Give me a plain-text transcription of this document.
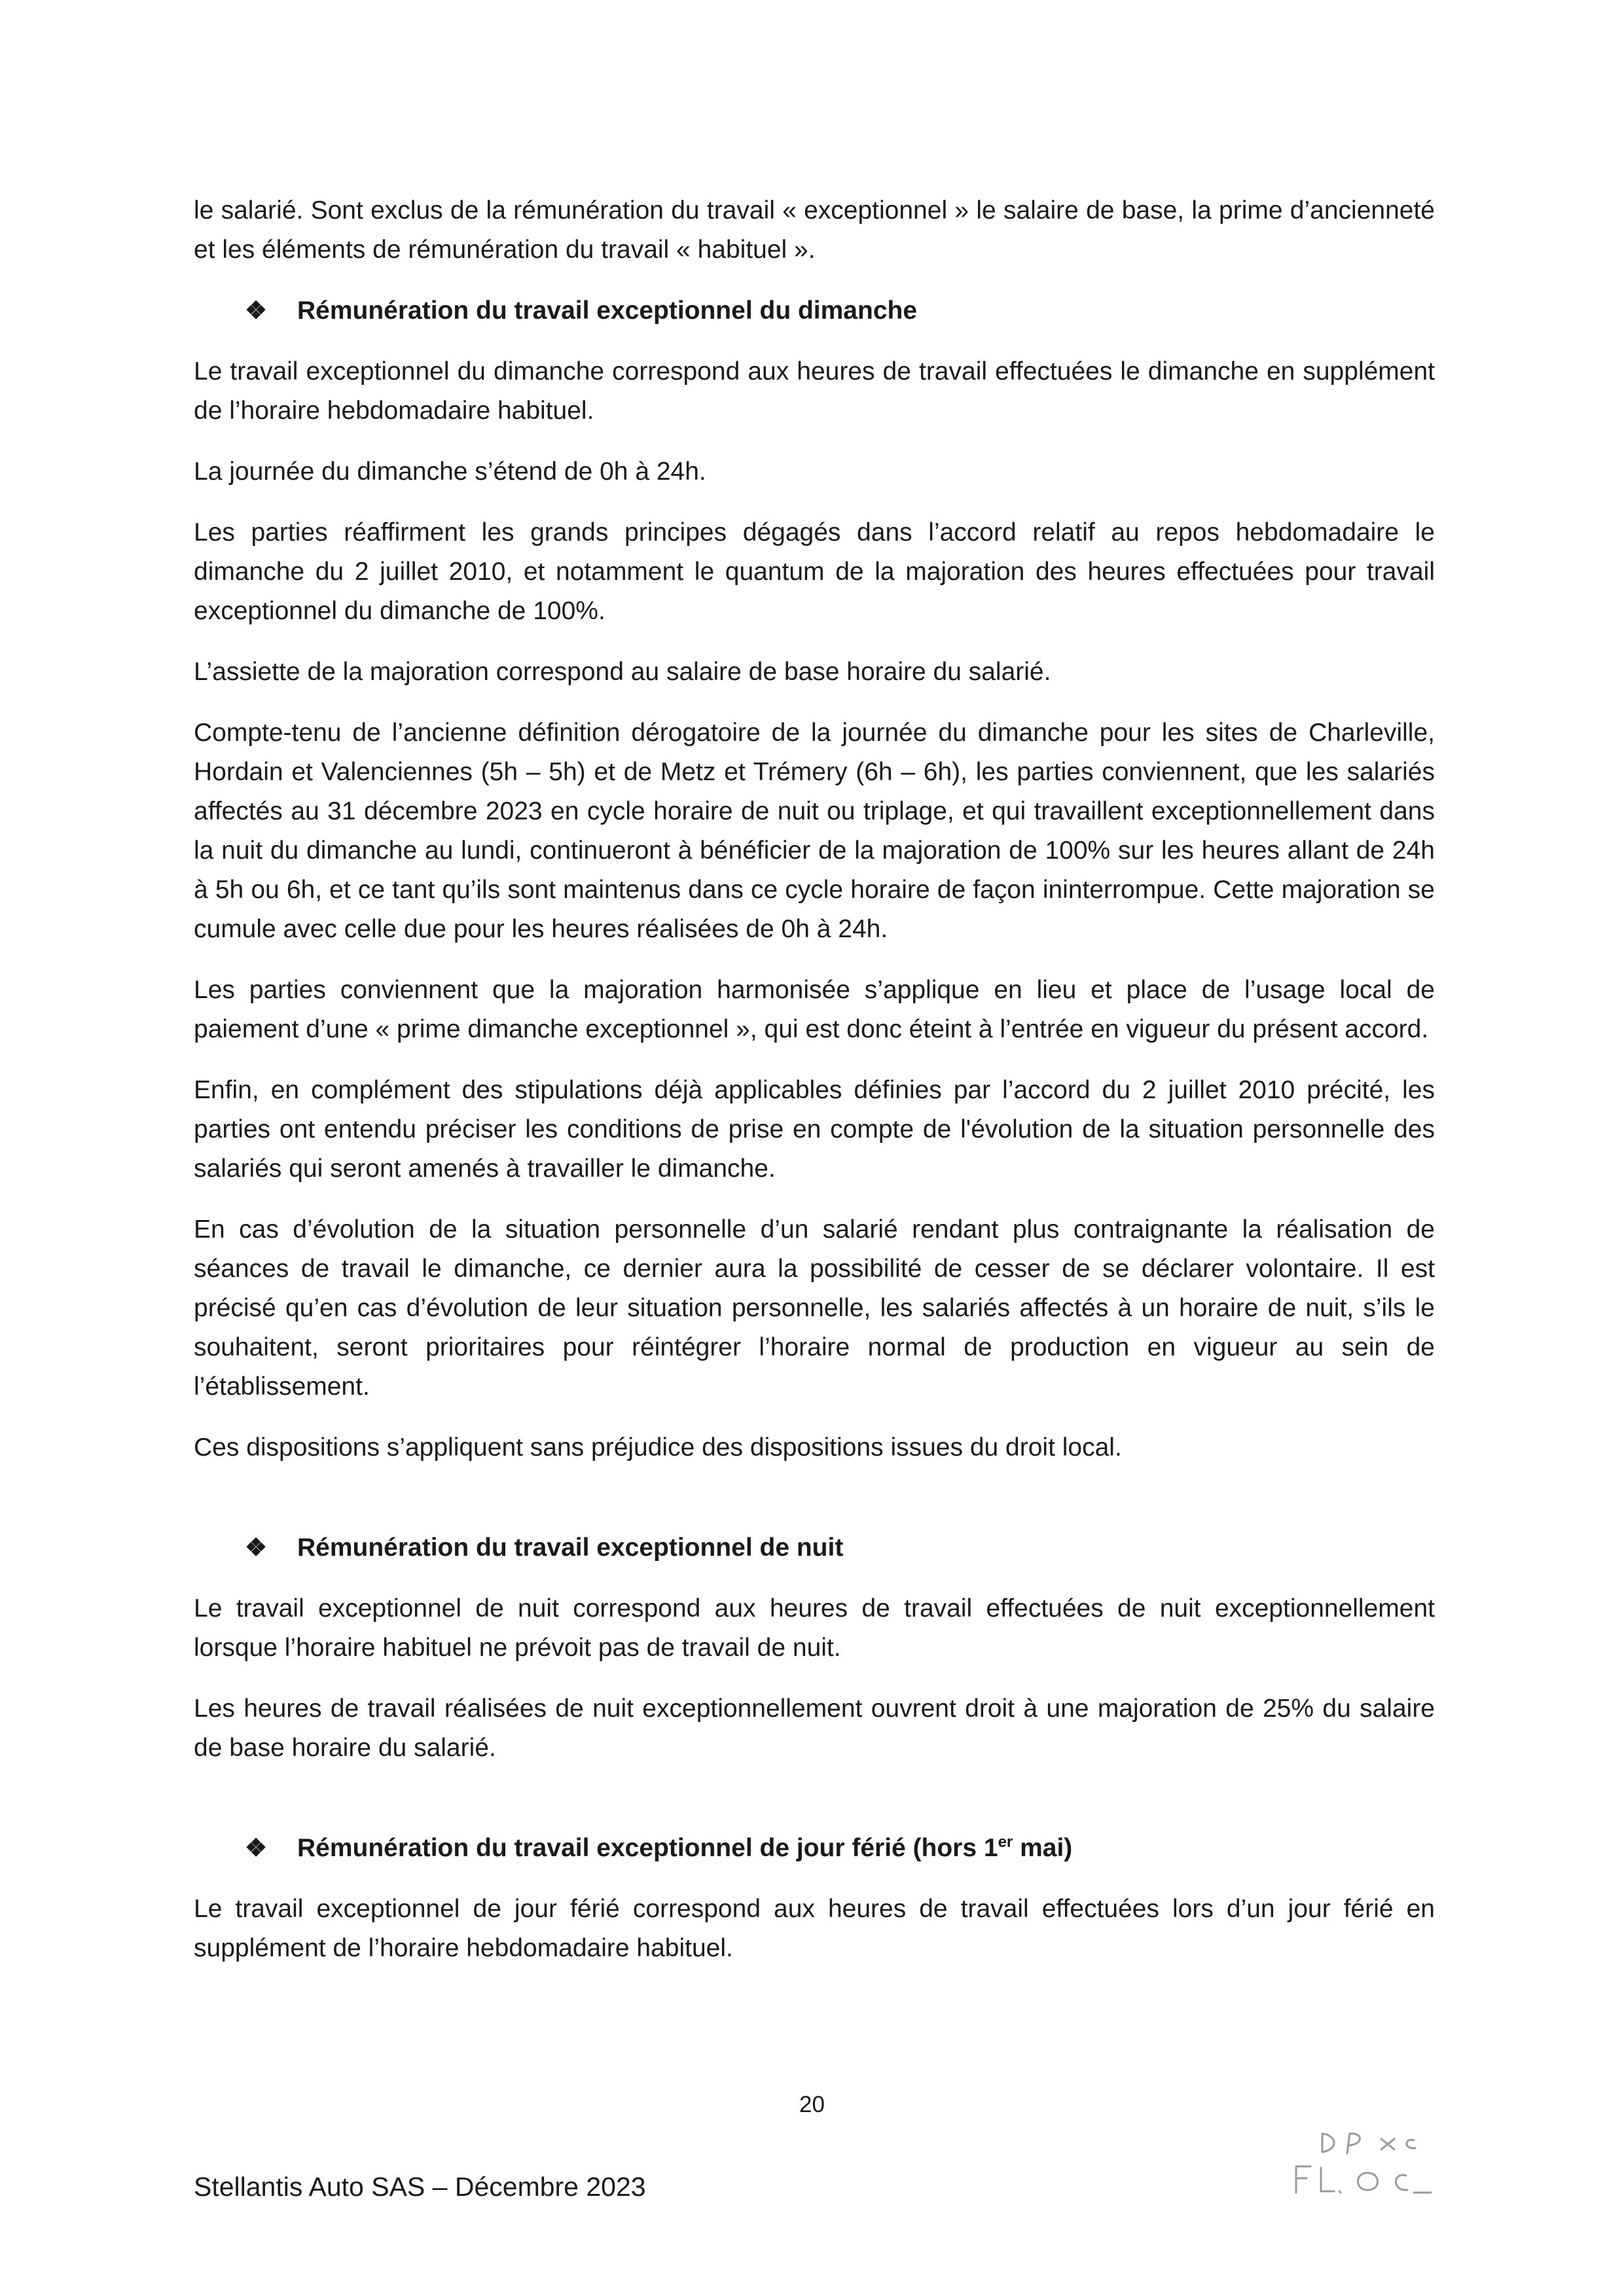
le salarié. Sont exclus de la rémunération du travail « exceptionnel » le salaire de base, la prime d’ancienneté et les éléments de rémunération du travail « habituel ».

❖	Rémunération du travail exceptionnel du dimanche

Le travail exceptionnel du dimanche correspond aux heures de travail effectuées le dimanche en supplément de l’horaire hebdomadaire habituel.

La journée du dimanche s’étend de 0h à 24h.

Les parties réaffirment les grands principes dégagés dans l’accord relatif au repos hebdomadaire le dimanche du 2 juillet 2010, et notamment le quantum de la majoration des heures effectuées pour travail exceptionnel du dimanche de 100%.

L’assiette de la majoration correspond au salaire de base horaire du salarié.

Compte-tenu de l’ancienne définition dérogatoire de la journée du dimanche pour les sites de Charleville, Hordain et Valenciennes (5h – 5h) et de Metz et Trémery (6h – 6h), les parties conviennent, que les salariés affectés au 31 décembre 2023 en cycle horaire de nuit ou triplage, et qui travaillent exceptionnellement dans la nuit du dimanche au lundi, continueront à bénéficier de la majoration de 100% sur les heures allant de 24h à 5h ou 6h, et ce tant qu’ils sont maintenus dans ce cycle horaire de façon ininterrompue. Cette majoration se cumule avec celle due pour les heures réalisées de 0h à 24h.

Les parties conviennent que la majoration harmonisée s’applique en lieu et place de l’usage local de paiement d’une « prime dimanche exceptionnel », qui est donc éteint à l’entrée en vigueur du présent accord.

Enfin, en complément des stipulations déjà applicables définies par l’accord du 2 juillet 2010 précité, les parties ont entendu préciser les conditions de prise en compte de l'évolution de la situation personnelle des salariés qui seront amenés à travailler le dimanche.

En cas d’évolution de la situation personnelle d’un salarié rendant plus contraignante la réalisation de séances de travail le dimanche, ce dernier aura la possibilité de cesser de se déclarer volontaire. Il est précisé qu’en cas d’évolution de leur situation personnelle, les salariés affectés à un horaire de nuit, s’ils le souhaitent, seront prioritaires pour réintégrer l’horaire normal de production en vigueur au sein de l’établissement.

Ces dispositions s’appliquent sans préjudice des dispositions issues du droit local.

❖	Rémunération du travail exceptionnel de nuit

Le travail exceptionnel de nuit correspond aux heures de travail effectuées de nuit exceptionnellement lorsque l’horaire habituel ne prévoit pas de travail de nuit.

Les heures de travail réalisées de nuit exceptionnellement ouvrent droit à une majoration de 25% du salaire de base horaire du salarié.

❖	Rémunération du travail exceptionnel de jour férié (hors 1er mai)

Le travail exceptionnel de jour férié correspond aux heures de travail effectuées lors d’un jour férié en supplément de l’horaire hebdomadaire habituel.

20
Stellantis Auto SAS – Décembre 2023
